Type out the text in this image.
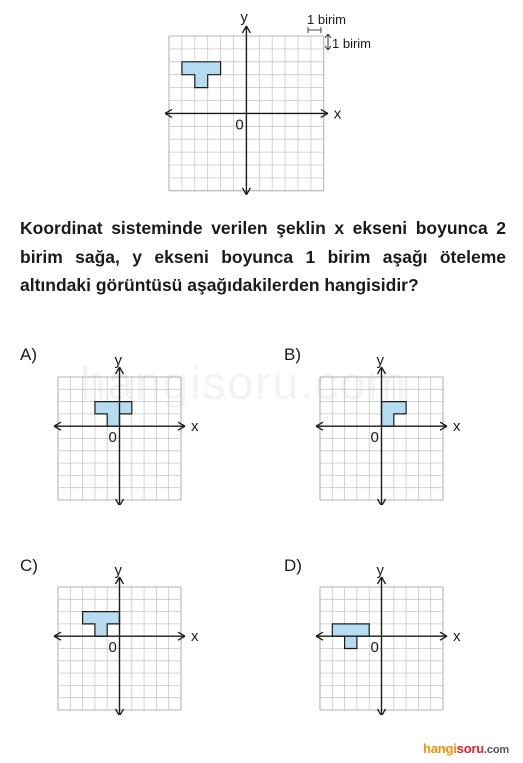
y
x
0
1 birim
1 birim
Koordinat sisteminde verilen şeklin x ekseni boyunca 2 birim sağa, y ekseni boyunca 1 birim aşağı öteleme altındaki görüntüsü aşağıdakilerden hangisidir?
A)	B)
C)	D)
y
x
0
y
x
0
y
x
0
y
x
0
hangisoru.com
